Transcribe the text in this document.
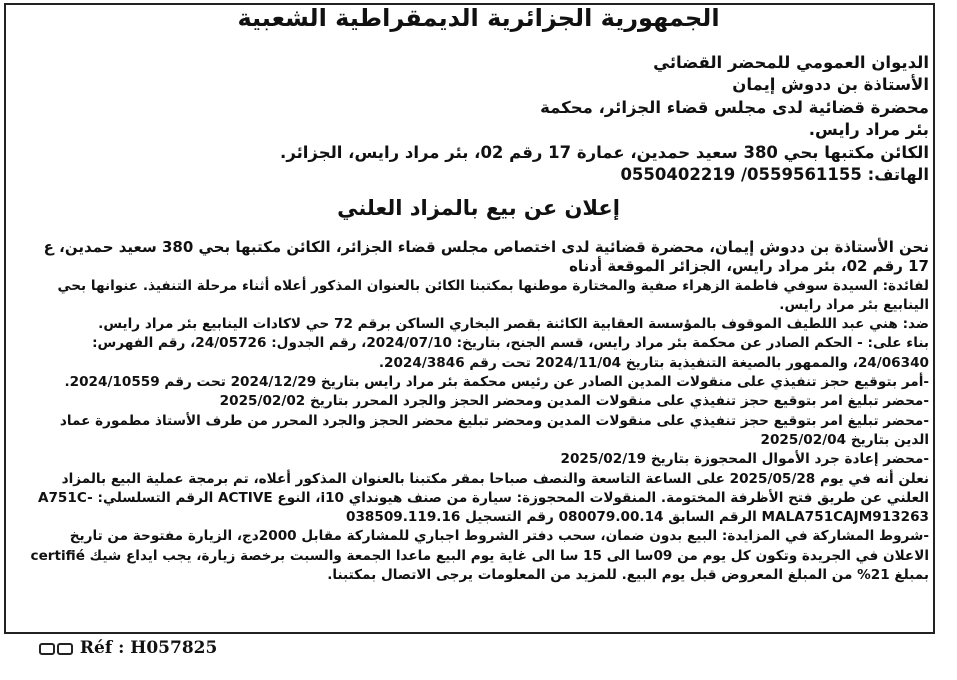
الجمهورية الجزائرية الديمقراطية الشعبية
الديوان العمومي للمحضر القضائي
الأستاذة بن ددوش إيمان
محضرة قضائية لدى مجلس قضاء الجزائر، محكمة
بئر مراد رايس.
الكائن مكتبها بحي 380 سعيد حمدين، عمارة 17 رقم 02، بئر مراد رايس، الجزائر.
الهاتف: 0559561155/ 0550402219
إعلان عن بيع بالمزاد العلني

نحن الأستاذة بن ددوش إيمان، محضرة قضائية لدى اختصاص مجلس قضاء الجزائر، الكائن مكتبها بحي 380 سعيد حمدين، ع 17 رقم 02، بئر مراد رايس، الجزائر الموقعة أدناه

لفائدة: السيدة سوفي فاطمة الزهراء صفية والمختارة موطنها بمكتبنا الكائن بالعنوان المذكور أعلاه أثناء مرحلة التنفيذ. عنوانها بحي الينابيع بئر مراد رايس.

ضد: هني عبد اللطيف الموقوف بالمؤسسة العقابية الكائنة بقصر البخاري الساكن برقم 72 حي لاكادات الينابيع بئر مراد رايس.

بناء على: - الحكم الصادر عن محكمة بئر مراد رايس، قسم الجنح، بتاريخ: 2024/07/10، رقم الجدول: 24/05726، رقم الفهرس: 24/06340، والممهور بالصيغة التنفيذية بتاريخ 2024/11/04 تحت رقم 2024/3846.

-أمر بتوقيع حجز تنفيذي على منقولات المدين الصادر عن رئيس محكمة بئر مراد رايس بتاريخ 2024/12/29 تحت رقم 2024/10559.

-محضر تبليغ امر بتوقيع حجز تنفيذي على منقولات المدين ومحضر الحجز والجرد المحرر بتاريخ 2025/02/02

-محضر تبليغ امر بتوقيع حجز تنفيذي على منقولات المدين ومحضر تبليغ محضر الحجز والجرد المحرر من طرف الأستاذ مطمورة عماد الدين بتاريخ 2025/02/04

-محضر إعادة جرد الأموال المحجوزة بتاريخ 2025/02/19

نعلن أنه في يوم 2025/05/28 على الساعة التاسعة والنصف صباحا بمقر مكتبنا بالعنوان المذكور أعلاه، تم برمجة عملية البيع بالمزاد العلني عن طريق فتح الأظرفة المختومة. المنقولات المحجوزة: سيارة من صنف هيونداي i10، النوع ACTIVE الرقم التسلسلي: A751C-MALA751CAJM913263 الرقم السابق 080079.00.14 رقم التسجيل 038509.119.16

-شروط المشاركة في المزايدة: البيع بدون ضمان، سحب دفتر الشروط اجباري للمشاركة مقابل 2000دج، الزيارة مفتوحة من تاريخ الاعلان في الجريدة وتكون كل يوم من 09سا الى 15 سا الى غاية يوم البيع ماعدا الجمعة والسبت برخصة زيارة، يجب ايداع شيك certifié بمبلغ 21% من المبلغ المعروض قبل يوم البيع. للمزيد من المعلومات يرجى الاتصال بمكتبنا.

Réf : H057825
